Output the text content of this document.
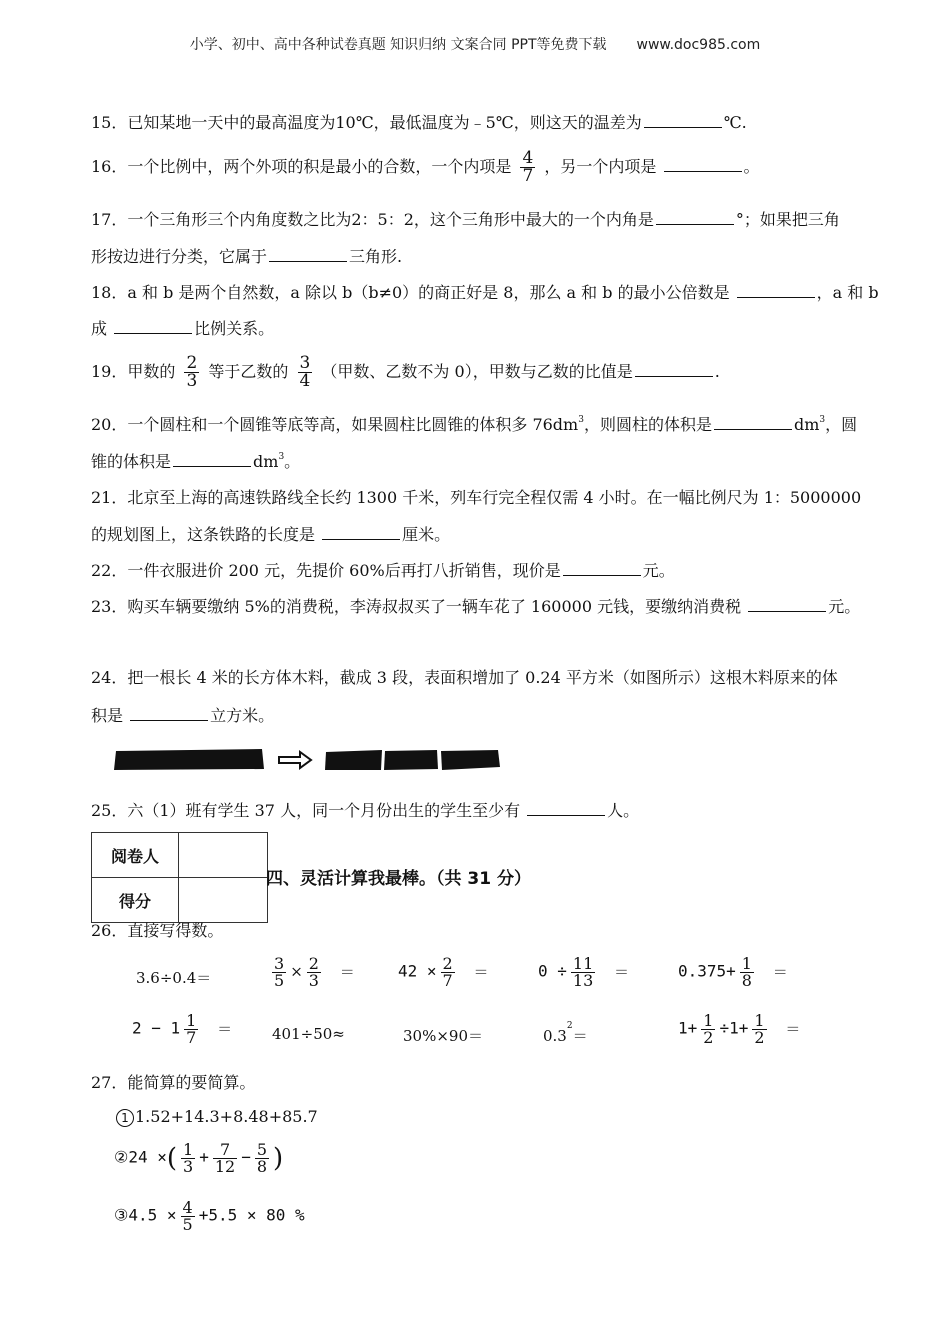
小学、初中、高中各种试卷真题 知识归纳 文案合同 PPT等免费下载 www.doc985.com
15．已知某地一天中的最高温度为10℃，最低温度为﹣5℃，则这天的温差为	℃.
16．一个比例中，两个外项的积是最小的合数，一个内项是 $\frac{4}{7}$ ，另一个内项是	。
17．一个三角形三个内角度数之比为2：5：2，这个三角形中最大的一个内角是	°；如果把三角
形按边进行分类，它属于	三角形.
18．a 和 b 是两个自然数，a 除以 b（b≠0）的商正好是 8，那么 a 和 b 的最小公倍数是	，a 和 b
成	比例关系。
19．甲数的 $\frac{2}{3}$ 等于乙数的 $\frac{3}{4}$ （甲数、乙数不为 0），甲数与乙数的比值是	.
20．一个圆柱和一个圆锥等底等高，如果圆柱比圆锥的体积多 $76dm^3$，则圆柱的体积是	$dm^3$，圆
锥的体积是	$dm^3$。
21．北京至上海的高速铁路线全长约 1300 千米，列车行完全程仅需 4 小时。在一幅比例尺为 1：5000000
的规划图上，这条铁路的长度是	厘米。
22．一件衣服进价 200 元，先提价 60%后再打八折销售，现价是	元。
23．购买车辆要缴纳 5%的消费税，李涛叔叔买了一辆车花了 160000 元钱，要缴纳消费税	元。
24．把一根长 4 米的长方体木料，截成 3 段，表面积增加了 0.24 平方米（如图所示）这根木料原来的体
积是	立方米。
25．六（1）班有学生 37 人，同一个月份出生的学生至少有	人。
阅卷人	
得分	
四、灵活计算我最棒。（共 31 分）
26．直接写得数。
3.6÷0.4＝	$\frac{3}{5} \times \frac{2}{3}$ ＝	$42 \times \frac{2}{7}$ ＝	$0 \div \frac{11}{13}$ ＝	$0.375+ \frac{1}{8}$ ＝
$2 - 1 \frac{1}{7}$ ＝	401÷50≈	30%×90＝	$0.3^2=$	$1+ \frac{1}{2} \div 1+ \frac{1}{2}$ ＝
27．能简算的要简算。
1 1.52+14.3+8.48+85.7
②24 ×( $\frac{1}{3} + \frac{7}{12} - \frac{5}{8}$ )
③4.5 × $\frac{4}{5} +5.5 \times 80$ %
